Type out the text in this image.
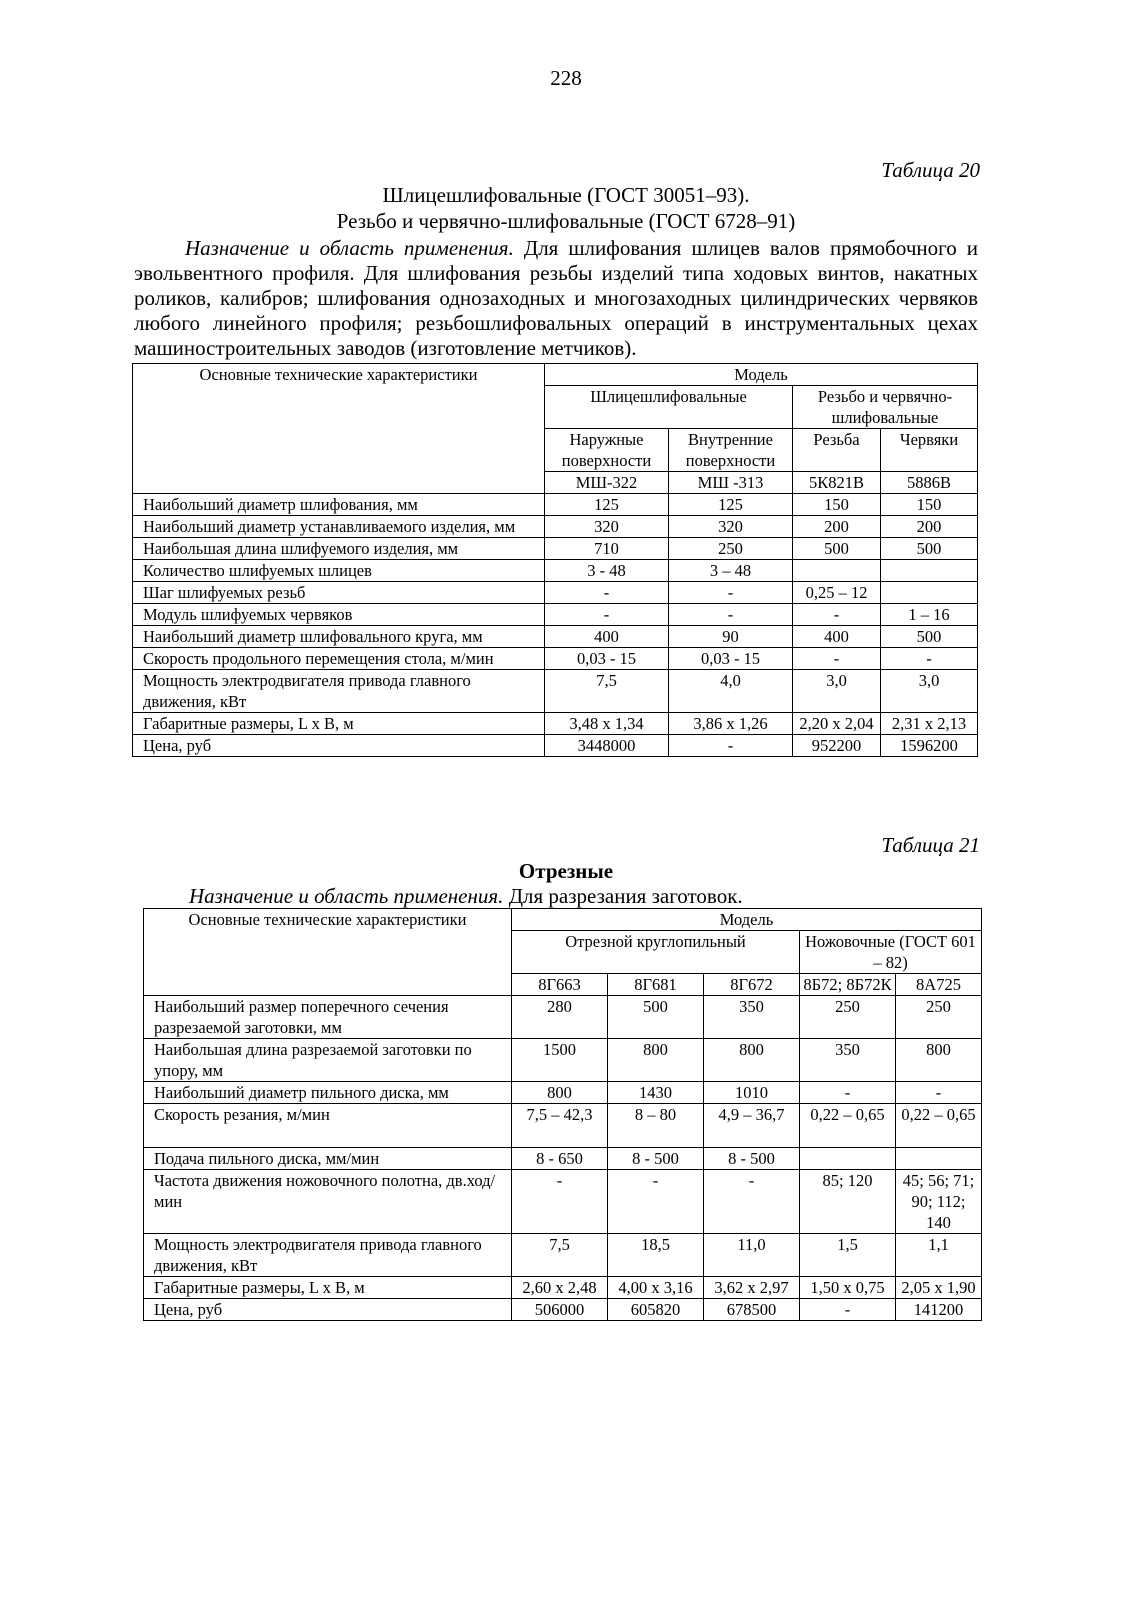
228
Таблица 20
Шлицешлифовальные (ГОСТ 30051–93).
Резьбо и червячно-шлифовальные (ГОСТ 6728–91)

Назначение и область применения. Для шлифования шлицев валов прямобочного и эвольвентного профиля. Для шлифования резьбы изделий типа ходовых винтов, накатных роликов, калибров; шлифования однозаходных и многозаходных цилиндрических червяков любого линейного профиля; резьбошлифовальных операций в инструментальных цехах машиностроительных заводов (изготовление метчиков).

Основные технические характеристики	Модель			
	Шлицешлифовальные		Резьбо и червячно-шлифовальные	
	Наружные поверхности	Внутренние поверхности	Резьба	Червяки
	МШ-322	МШ -313	5К821В	5886В
Наибольший диаметр шлифования, мм	125	125	150	150
Наибольший диаметр устанавливаемого изделия, мм	320	320	200	200
Наибольшая длина шлифуемого изделия, мм	710	250	500	500
Количество шлифуемых шлицев	3 - 48	3 – 48		
Шаг шлифуемых резьб	-	-	0,25 – 12	
Модуль шлифуемых червяков	-	-	-	1 – 16
Наибольший диаметр шлифовального круга, мм	400	90	400	500
Скорость продольного перемещения стола, м/мин	0,03 - 15	0,03 - 15	-	-
Мощность электродвигателя привода главного движения, кВт	7,5	4,0	3,0	3,0
Габаритные размеры, L x B, м	3,48 x 1,34	3,86 x 1,26	2,20 x 2,04	2,31 x 2,13
Цена, руб	3448000	-	952200	1596200
Таблица 21
Отрезные

Назначение и область применения. Для разрезания заготовок.

Основные технические характеристики	Модель				
	Отрезной круглопильный			Ножовочные (ГОСТ 601 – 82)	
	8Г663	8Г681	8Г672	8Б72; 8Б72К	8А725
Наибольший размер поперечного сечения разрезаемой заготовки, мм	280	500	350	250	250
Наибольшая длина разрезаемой заготовки по упору, мм	1500	800	800	350	800
Наибольший диаметр пильного диска, мм	800	1430	1010	-	-
Скорость резания, м/мин	7,5 – 42,3	8 – 80	4,9 – 36,7	0,22 – 0,65	0,22 – 0,65
Подача пильного диска, мм/мин	8 - 650	8 - 500	8 - 500		
Частота движения ножовочного полотна, дв.ход/мин	-	-	-	85; 120	45; 56; 71; 90; 112; 140
Мощность электродвигателя привода главного движения, кВт	7,5	18,5	11,0	1,5	1,1
Габаритные размеры, L x B, м	2,60 x 2,48	4,00 x 3,16	3,62 x 2,97	1,50 x 0,75	2,05 x 1,90
Цена, руб	506000	605820	678500	-	141200
